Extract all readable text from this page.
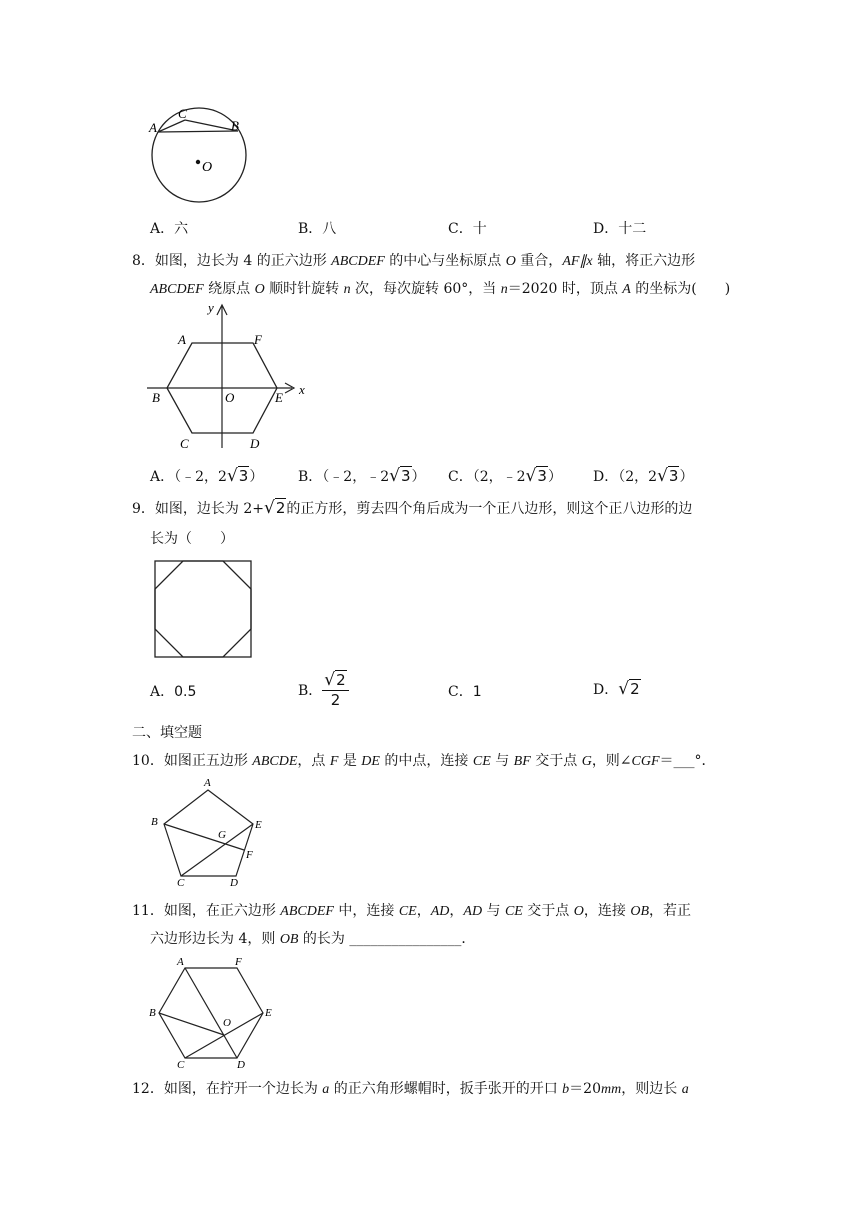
A
C
B
O
A．六	B．八	C．十	D．十二
8．如图，边长为 4 的正六边形 ABCDEF 的中心与坐标原点 O 重合，AF∥x 轴，将正六边形
ABCDEF 绕原点 O 顺时针旋转 n 次，每次旋转 60°，当 n＝2020 时，顶点 A 的坐标为(　　)
y
A	F
B	O	E
x
C	D
A．（﹣2，2√3） B．（﹣2，﹣2√3） C．（2，﹣2√3） D．（2，2√3）
9．如图，边长为 2+√2的正方形，剪去四个角后成为一个正八边形，则这个正八边形的边
长为（　　）
A．0.5	B． $\frac{√2}{2}$	C．1	D．√2
二、填空题
10．如图正五边形 ABCDE，点 F 是 DE 的中点，连接 CE 与 BF 交于点 G，则∠CGF＝___°．
A
B	E
G
F
C	D
11．如图，在正六边形 ABCDEF 中，连接 CE，AD，AD 与 CE 交于点 O，连接 OB，若正
六边形边长为 4，则 OB 的长为 ________________．
A	F
B
O
E
C	D
12．如图，在拧开一个边长为 a 的正六角形螺帽时，扳手张开的开口 b＝20mm，则边长 a
